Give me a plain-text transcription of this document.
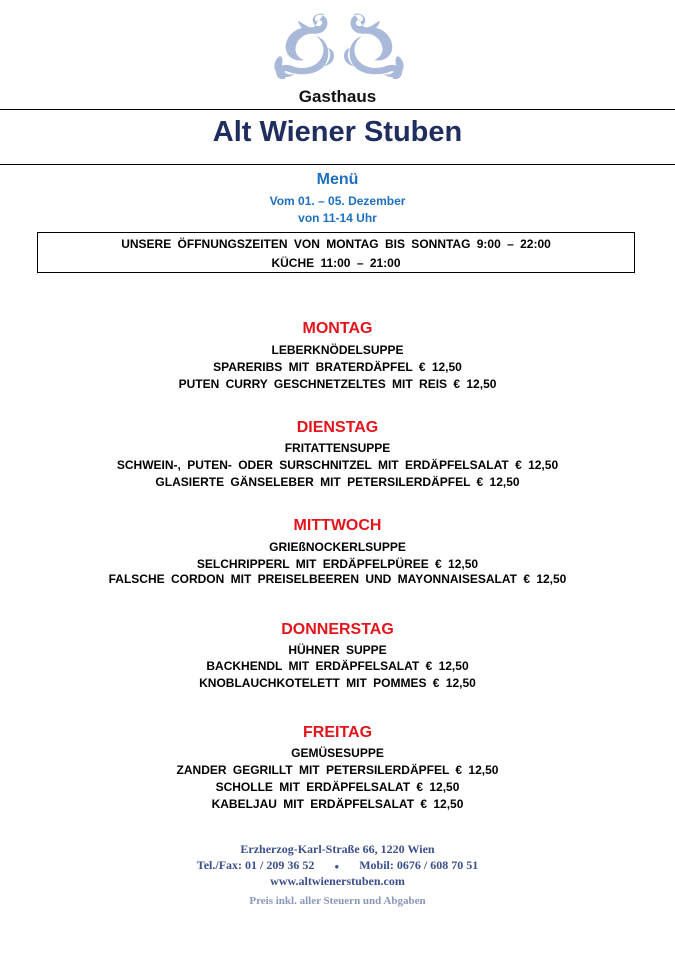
Gasthaus
Alt Wiener Stuben
Menü
Vom 01. – 05. Dezember
von 11-14 Uhr
UNSERE ÖFFNUNGSZEITEN VON MONTAG BIS SONNTAG 9:00 – 22:00
KÜCHE 11:00 – 21:00
MONTAG
LEBERKNÖDELSUPPE
SPARERIBS MIT BRATERDÄPFEL € 12,50
PUTEN CURRY GESCHNETZELTES MIT REIS € 12,50
DIENSTAG
FRITATTENSUPPE
SCHWEIN-, PUTEN- ODER SURSCHNITZEL MIT ERDÄPFELSALAT € 12,50
GLASIERTE GÄNSELEBER MIT PETERSILERDÄPFEL € 12,50
MITTWOCH
GRIEßNOCKERLSUPPE
SELCHRIPPERL MIT ERDÄPFELPÜREE € 12,50
FALSCHE CORDON MIT PREISELBEEREN UND MAYONNAISESALAT € 12,50
DONNERSTAG
HÜHNER SUPPE
BACKHENDL MIT ERDÄPFELSALAT € 12,50
KNOBLAUCHKOTELETT MIT POMMES € 12,50
FREITAG
GEMÜSESUPPE
ZANDER GEGRILLT MIT PETERSILERDÄPFEL € 12,50
SCHOLLE MIT ERDÄPFELSALAT € 12,50
KABELJAU MIT ERDÄPFELSALAT € 12,50
Erzherzog-Karl-Straße 66, 1220 Wien
Tel./Fax: 01 / 209 36 52	● Mobil: 0676 / 608 70 51
www.altwienerstuben.com
Preis inkl. aller Steuern und Abgaben
